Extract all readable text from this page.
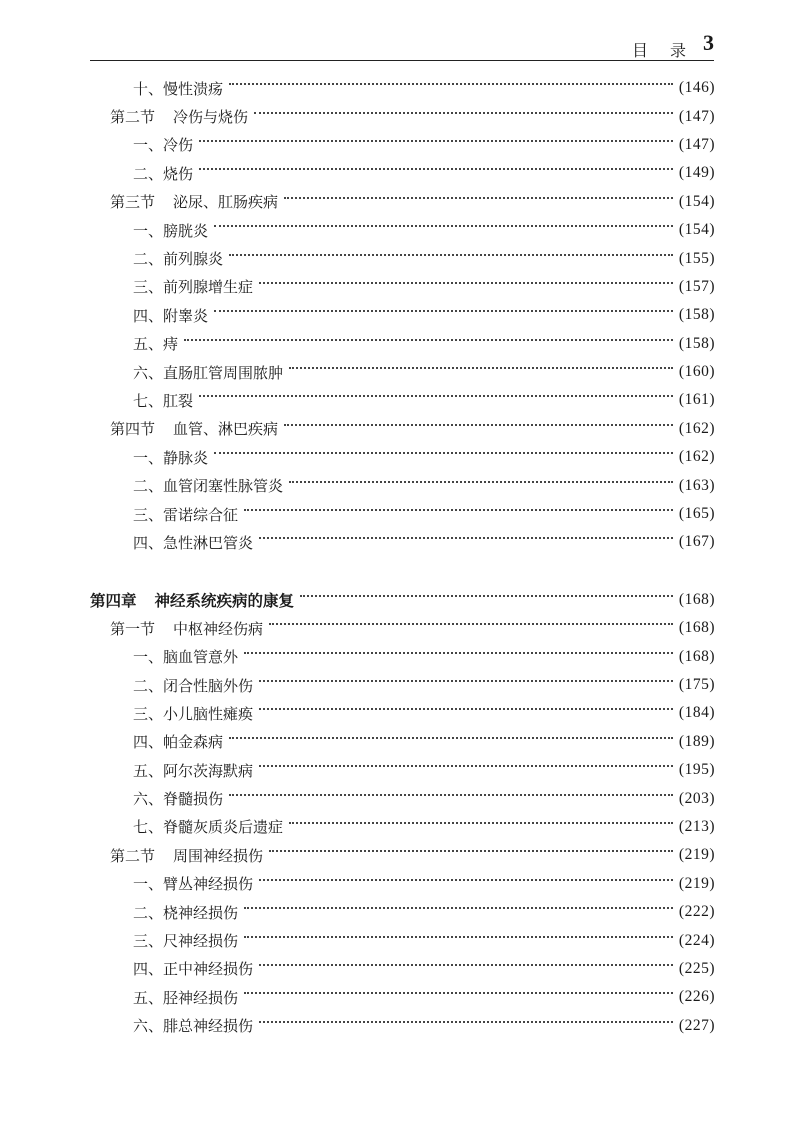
目 录 3
十、慢性溃疡	(146)
第二节 冷伤与烧伤	(147)
一、冷伤	(147)
二、烧伤	(149)
第三节 泌尿、肛肠疾病	(154)
一、膀胱炎	(154)
二、前列腺炎	(155)
三、前列腺增生症	(157)
四、附睾炎	(158)
五、痔	(158)
六、直肠肛管周围脓肿	(160)
七、肛裂	(161)
第四节 血管、淋巴疾病	(162)
一、静脉炎	(162)
二、血管闭塞性脉管炎	(163)
三、雷诺综合征	(165)
四、急性淋巴管炎	(167)
第四章 神经系统疾病的康复	(168)
第一节 中枢神经伤病	(168)
一、脑血管意外	(168)
二、闭合性脑外伤	(175)
三、小儿脑性瘫痪	(184)
四、帕金森病	(189)
五、阿尔茨海默病	(195)
六、脊髓损伤	(203)
七、脊髓灰质炎后遗症	(213)
第二节 周围神经损伤	(219)
一、臂丛神经损伤	(219)
二、桡神经损伤	(222)
三、尺神经损伤	(224)
四、正中神经损伤	(225)
五、胫神经损伤	(226)
六、腓总神经损伤	(227)
